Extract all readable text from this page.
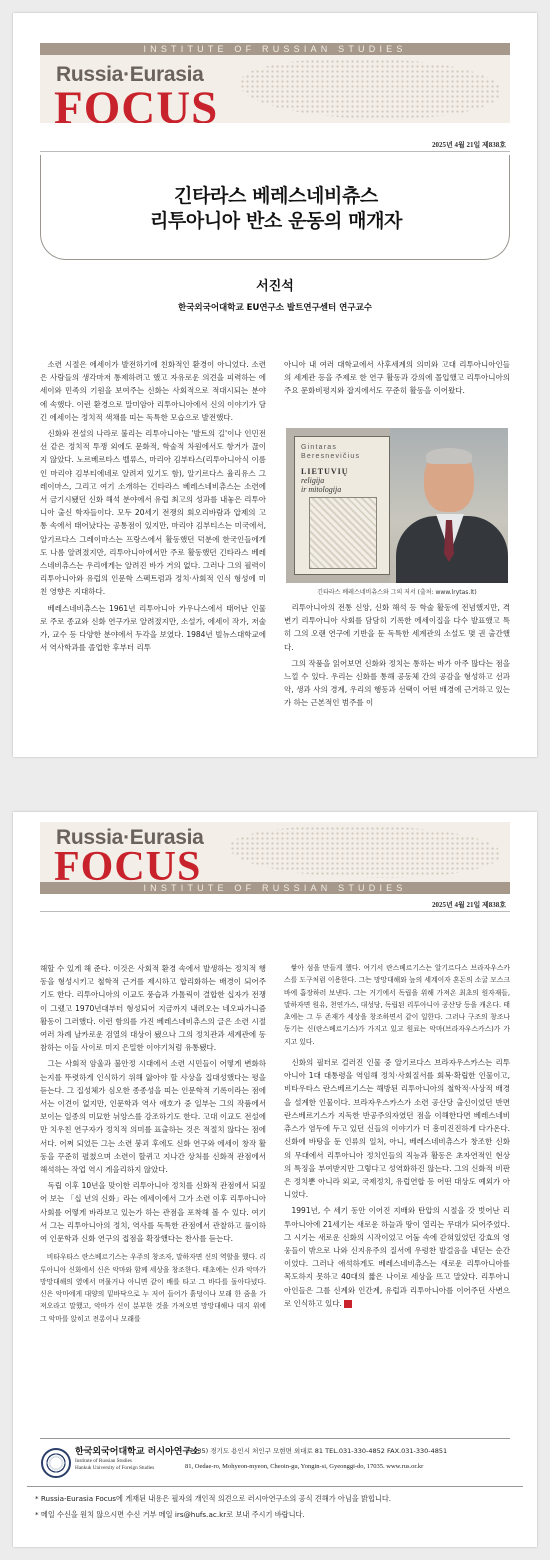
INSTITUTE OF RUSSIAN STUDIES
Russia·Eurasia
FOCUS
2025년 4월 21일 제838호
긴타라스 베레스네비츄스
리투아니아 반소 운동의 매개자
서진석
한국외국어대학교 EU연구소 발트연구센터 연구교수

소련 시절은 에세이가 발전하기에 친화적인 환경이 아니었다. 소련은 사람들의 생각마저 통제하려고 했고 자유로운 의견을 피력하는 에세이와 민족의 기원을 보여주는 신화는 사회적으로 적대시되는 분야에 속했다. 이런 환경으로 말미암아 리투아니아에서 신의 이야기가 담긴 에세이는 정치적 색채를 띠는 독특한 모습으로 발전했다.

신화와 전설의 나라로 불리는 리투아니아는 '발트의 길'이나 인민전선 같은 정치적 투쟁 외에도 문화적, 학술적 차원에서도 항거가 끊이지 않았다. 노르베르타스 벨류스, 마리아 김부타스(리투아니아식 이름인 마리야 김부티에네로 알려져 있기도 함), 알기르다스 율리유스 그레이마스, 그리고 여기 소개하는 긴타라스 베레스네비츄스는 소련에서 금기시됐던 신화 해석 분야에서 유럽 최고의 성과를 내놓은 리투아니아 출신 학자들이다. 모두 20세기 전쟁의 회오리바람과 압제의 고통 속에서 태어났다는 공통점이 있지만, 마리야 김부티스는 미국에서, 알기르다스 그레이마스는 프랑스에서 활동했던 덕분에 한국인들에게도 나름 알려졌지만, 리투아니아에서만 주로 활동했던 긴타라스 베레스네비츄스는 우리에게는 알려진 바가 거의 없다. 그러나 그의 필력이 리투아니아와 유럽의 인문학 스펙트럼과 정치·사회적 인식 형성에 미친 영향은 지대하다.

베레스네비츄스는 1961년 리투아니아 카우나스에서 태어난 인물로 주로 종교와 신화 연구가로 알려졌지만, 소설가, 에세이 작가, 저술가, 교수 등 다양한 분야에서 두각을 보였다. 1984년 빌뉴스대학교에서 역사학과를 졸업한 후부터 리투

아니아 내 여러 대학교에서 사후세계의 의미와 고대 리투아니아인들의 세계관 등을 주제로 한 연구 활동과 강의에 몰입했고 리투아니아의 주요 문화비평지와 잡지에서도 꾸준히 활동을 이어왔다.

Gintaras Beresnevičius
LIETUVIŲ
religija
ir mitologija
긴타라스 베레스네비츄스와 그의 저서 (출처: www.lrytas.lt)

리투아니아의 전통 신앙, 신화 해석 등 학술 활동에 전념했지만, 격변기 리투아니아 사회를 담담히 기록한 에세이집을 다수 발표했고 특히 그의 오랜 연구에 기반을 둔 독특한 세계관의 소설도 몇 권 출간했다.

그의 작품을 읽어보면 신화와 정치는 통하는 바가 아주 많다는 점을 느낄 수 있다. 우리는 신화를 통해 공동체 간의 공감을 형성하고 선과 악, 생과 사의 경계, 우리의 행동과 선택이 어떤 배경에 근거하고 있는가 하는 근본적인 범주를 이

Russia·Eurasia
FOCUS
INSTITUTE OF RUSSIAN STUDIES
2025년 4월 21일 제838호

해할 수 있게 해 준다. 이것은 사회적 환경 속에서 발생하는 정치적 행동을 형성시키고 철학적 근거를 제시하고 합리화하는 배경이 되어주기도 한다. 리투아니아의 이교도 풍습과 가톨릭이 결합한 십자가 전쟁이 그랬고 1970년대부터 형성되어 지금까지 내려오는 네오파가니즘 활동이 그러했다. 이런 함의를 가진 베레스네비츄스의 글은 소련 시절 여러 차례 날카로운 검열의 대상이 됐으나 그의 정치관과 세계관에 동참하는 이들 사이로 미지 은밀한 이야기처럼 유통됐다.

그는 사회적 암울과 불안정 시대에서 소련 시민들이 어떻게 변화하는지를 뚜렷하게 인식하기 위해 앓아야 할 사상을 집대성했다는 평을 듣는다. 그 집성체가 심오한 종종성을 띠는 인문학적 기록이라는 점에서는 이견이 없지만, 인문학과 역사 애호가 중 일부는 그의 작품에서 보이는 일종의 미묘한 뉘앙스를 강조하기도 한다. 고대 이교도 전설에만 치우친 연구자가 정치적 의미를 표출하는 것은 적절치 않다는 점에서다. 어쩌 되었든 그는 소련 붕괴 후에도 신화 연구와 에세이 창작 활동을 꾸준히 펼쳤으며 소련이 할퀴고 지나간 상처를 신화적 관점에서 해석하는 작업 역시 게을리하지 않았다.

독립 이후 10년을 맞이한 리투아니아 정치를 신화적 관점에서 되짚어 보는 「십 년의 신화」라는 에세이에서 그가 소련 이후 리투아니아 사회를 어떻게 바라보고 있는가 하는 관점을 포착해 볼 수 있다. 여기서 그는 리투아니아의 정치, 역사를 독특한 관점에서 관찰하고 풀이하여 인문학과 신화 연구의 접점을 확장했다는 찬사를 듣는다.

비타우타스 란스베르기스는 우주의 창조자, 말하자면 신의 역할을 했다. 리투아니아 신화에서 신은 악마와 함께 세상을 창조한다. 태초에는 신과 악마가 망망대해의 옆에서 머물거나 아니면 같이 배를 타고 그 바다를 돌아다녔다. 신은 악마에게 대양의 밑바닥으로 누 저어 들어가 흙덩이나 모래 한 줌을 가져오라고 말했고, 악마가 신이 분부한 것을 가져오면 망망대해나 대지 위에 그 악마를 앉히고 전롱이나 모래를

쌓아 섬을 만들게 했다. 여기서 란스베르기스는 알기르다스 브라자우스카스를 도구처럼 이용한다. 그는 망망대해와 늪의 세계이자 혼돈의 소굴 모스크바에 흡장하러 보낸다. 그는 거기에서 독립을 위해 가져온 최초의 원자재들, 말하자면 원유, 천연가스, 대성당, 독립된 리투아니아 공산당 등을 캐온다. 태초에는 그 두 존재가 세상을 창조하면서 같이 일한다. 그러나 구조의 창조나 동기는 신(란스베르기스)가 가지고 있고 원료는 악마(브라자우스카스)가 가지고 있다.

신화의 필터로 걸러진 인물 중 알기르다스 브라자우스카스는 리투아니아 1대 대통령을 역임해 정치·사회질서를 회복·확립한 인물이고, 비타우타스 란스베르기스는 해방된 리투아니아의 철학적·사상적 배경을 설계한 인물이다. 브라자우스카스가 소련 공산당 출신이었던 반면 란스베르기스가 지독한 반공주의자였던 점을 이해한다면 베레스네비츄스가 염두에 두고 있던 신들의 이야기가 더 흥미진진하게 다가온다. 신화에 바탕을 둔 인류의 일처, 아니, 베레스네비츄스가 창조한 신화의 무대에서 리투아니아 정치인들의 직능과 활동은 초자연적인 현상의 특징을 부여받지만 그렇다고 성역화하진 않는다. 그의 신화적 비판은 정치뿐 아니라 외교, 국제정치, 유럽연합 등 어떤 대상도 예외가 아니었다.

1991년, 수 세기 동안 이어진 지배와 탄압의 시절을 갓 벗어난 리투아니아에 21세기는 새로운 하늘과 땅이 열리는 무대가 되어주었다. 그 시기는 새로운 신화의 시작이었고 어둠 속에 갇혀있었던 강효의 영웅들이 밖으로 나와 신지유주의 질서에 우렁찬 발걸음을 내딛는 순간이었다. 그러나 애석하게도 베레스네비츄스는 새로운 리투아니아를 목도하지 못하고 40대의 짧은 나이로 세상을 뜨고 말았다. 리투아니아인들은 그를 신계와 인간계, 유럽과 리투아니아를 이어주던 사변으로 인식하고 있다. ⓡ

한국외국어대학교 러시아연구소
Institute of Russian Studies
Hankuk University of Foreign Studies
17035) 경기도 용인시 처인구 모현면 외대로 81 TEL.031-330-4852 FAX.031-330-4851
81, Oedae-ro, Mohyeon-myeon, Cheoin-gu, Yongin-si, Gyeonggi-do, 17035. www.rus.or.kr
* Russia-Eurasia Focus에 게재된 내용은 필자의 개인적 의견으로 러시아연구소의 공식 견해가 아님을 밝힙니다.
* 메일 수신을 원치 않으시면 수신 거부 메일 irs@hufs.ac.kr로 보내 주시기 바랍니다.
